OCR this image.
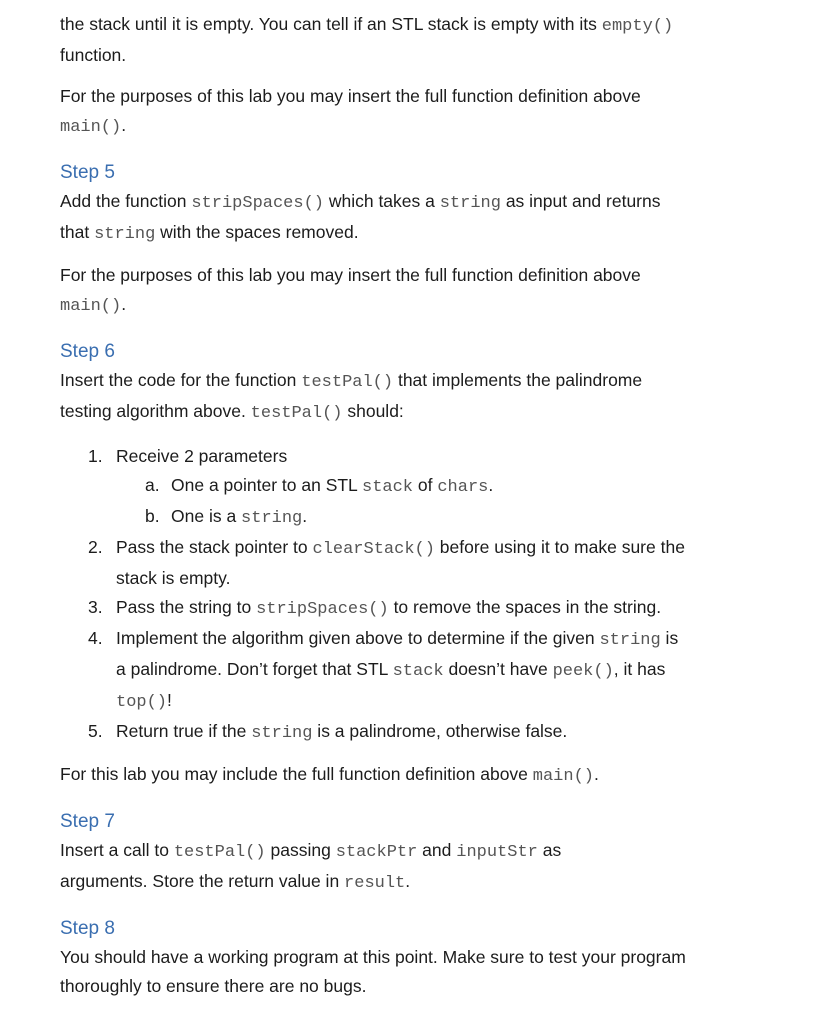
the stack until it is empty. You can tell if an STL stack is empty with its empty()
function.
For the purposes of this lab you may insert the full function definition above
main().
Step 5
Add the function stripSpaces() which takes a string as input and returns
that string with the spaces removed.
For the purposes of this lab you may insert the full function definition above
main().
Step 6
Insert the code for the function testPal() that implements the palindrome
testing algorithm above. testPal() should:
1. Receive 2 parameters
a. One a pointer to an STL stack of chars.
b. One is a string.
2. Pass the stack pointer to clearStack() before using it to make sure the
stack is empty.
3. Pass the string to stripSpaces() to remove the spaces in the string.
4. Implement the algorithm given above to determine if the given string is
a palindrome. Don’t forget that STL stack doesn’t have peek(), it has
top()!
5. Return true if the string is a palindrome, otherwise false.
For this lab you may include the full function definition above main().
Step 7
Insert a call to testPal() passing stackPtr and inputStr as
arguments. Store the return value in result.
Step 8
You should have a working program at this point. Make sure to test your program
thoroughly to ensure there are no bugs.
